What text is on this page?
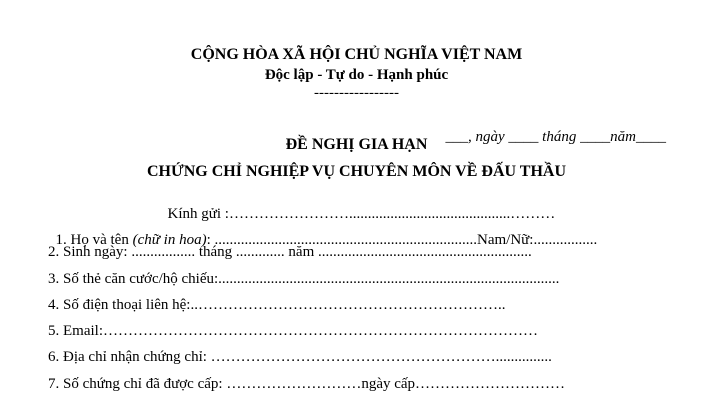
CỘNG HÒA XÃ HỘI CHỦ NGHĨA VIỆT NAM
Độc lập - Tự do - Hạnh phúc
-----------------

___, ngày ____ tháng ____năm____

ĐỀ NGHỊ GIA HẠN
CHỨNG CHỈ NGHIỆP VỤ CHUYÊN MÔN VỀ ĐẤU THẦU

Kính gửi :……………………...........................................………

1. Họ và tên (chữ in hoa): ......................................................................Nam/Nữ:.................

2. Sinh ngày: ................. tháng ............. năm .........................................................
3. Số thẻ căn cước/hộ chiếu:...........................................................................................
4. Số điện thoại liên hệ:..……………………………………………………..
5. Email:……………………………………………………………………………
6. Địa chỉ nhận chứng chỉ: …………………………………………………...............
7. Số chứng chỉ đã được cấp: ………………………ngày cấp…………………………
